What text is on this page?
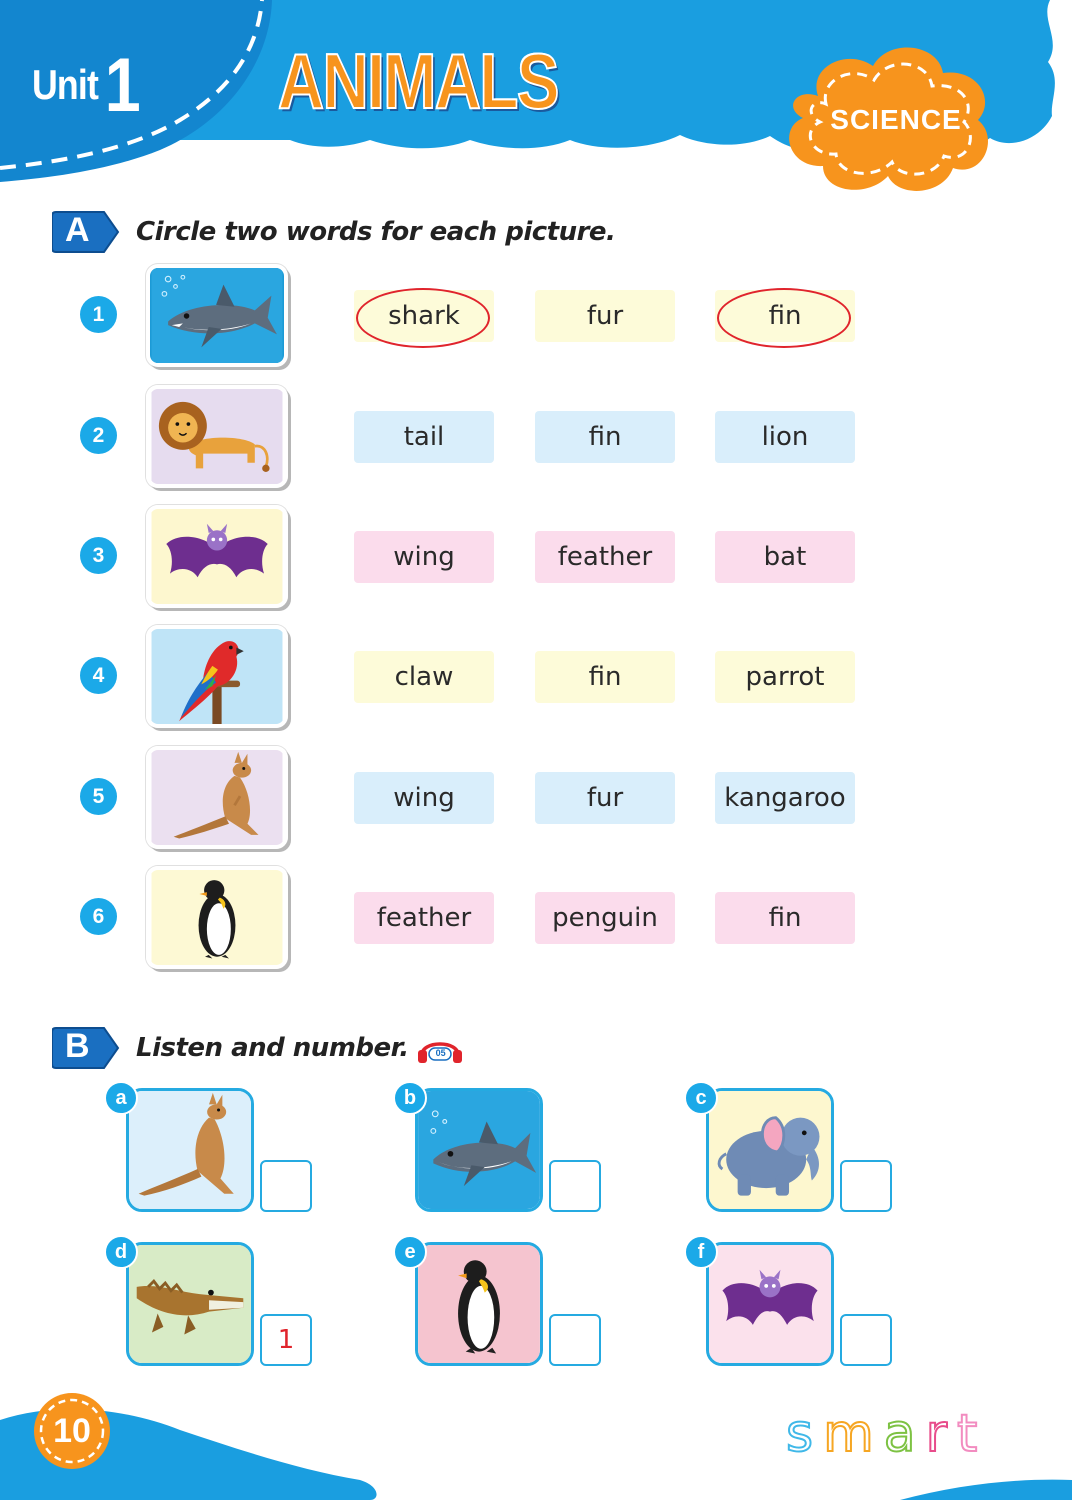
Unit1 ANIMALS	SCIENCE
A Circle two words for each picture.
1	shark	fur	fin
2	tail	fin	lion
3	wing	feather	bat
4	claw	fin	parrot
5	wing	fur	kangaroo
6	feather	penguin	fin
B Listen and number.	05
a	b	c
d
1
e	f
10	s m a r t
